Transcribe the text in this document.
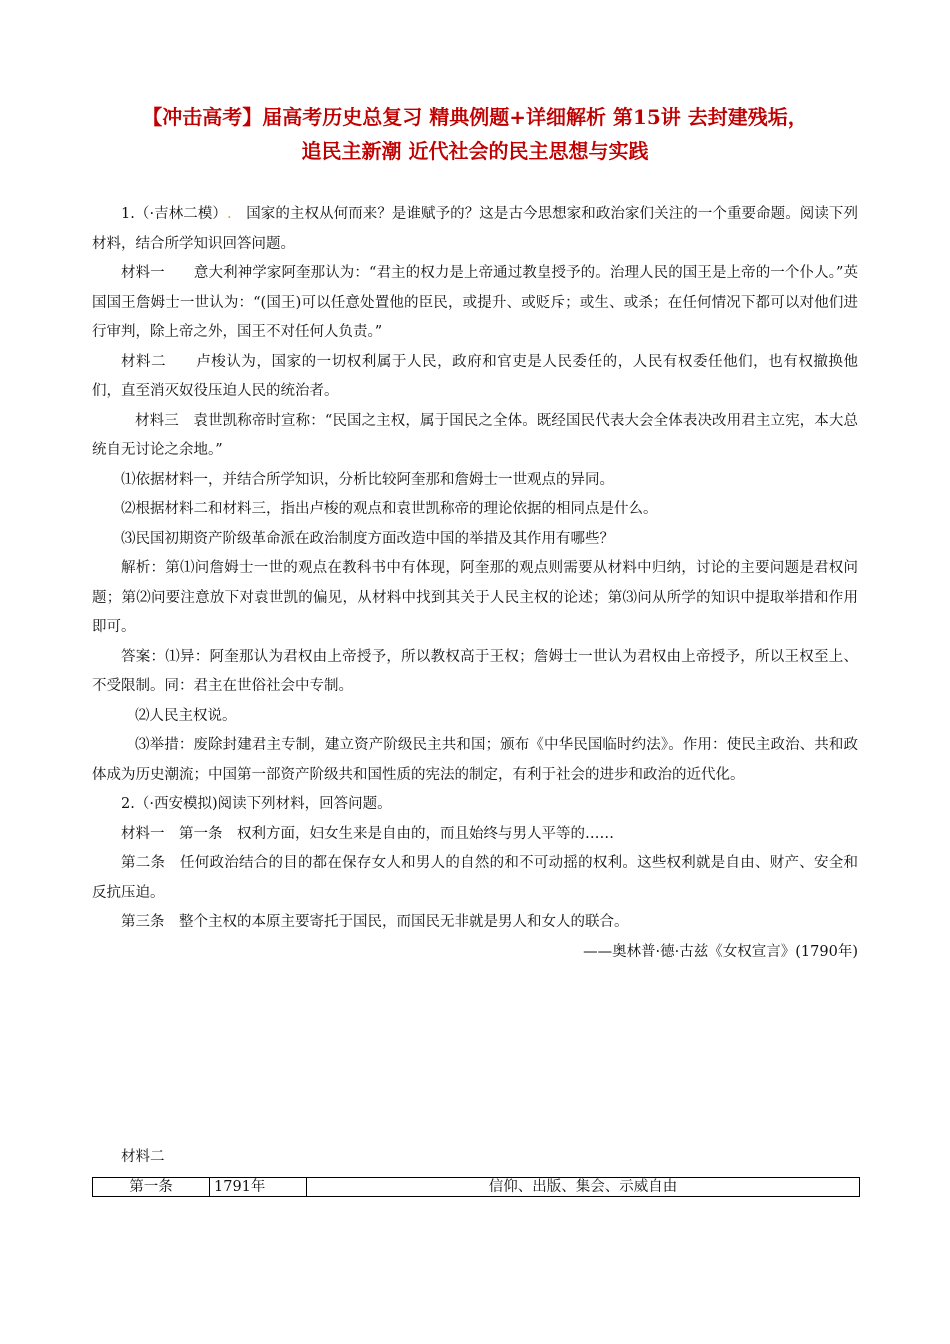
【冲击高考】届高考历史总复习 精典例题+详细解析 第15讲 去封建残垢，
追民主新潮 近代社会的民主思想与实践

1.（·吉林二模）.　国家的主权从何而来？是谁赋予的？这是古今思想家和政治家们关注的一个重要命题。阅读下列材料，结合所学知识回答问题。

材料一　　意大利神学家阿奎那认为：“君主的权力是上帝通过教皇授予的。治理人民的国王是上帝的一个仆人。”英国国王詹姆士一世认为：“(国王)可以任意处置他的臣民，或提升、或贬斥；或生、或杀；在任何情况下都可以对他们进行审判，除上帝之外，国王不对任何人负责。”

材料二　　卢梭认为，国家的一切权利属于人民，政府和官吏是人民委任的，人民有权委任他们，也有权撤换他们，直至消灭奴役压迫人民的统治者。

材料三　袁世凯称帝时宣称：“民国之主权，属于国民之全体。既经国民代表大会全体表决改用君主立宪，本大总统自无讨论之余地。”

⑴依据材料一，并结合所学知识，分析比较阿奎那和詹姆士一世观点的异同。

⑵根据材料二和材料三，指出卢梭的观点和袁世凯称帝的理论依据的相同点是什么。

⑶民国初期资产阶级革命派在政治制度方面改造中国的举措及其作用有哪些？

解析：第⑴问詹姆士一世的观点在教科书中有体现，阿奎那的观点则需要从材料中归纳，讨论的主要问题是君权问题；第⑵问要注意放下对袁世凯的偏见，从材料中找到其关于人民主权的论述；第⑶问从所学的知识中提取举措和作用即可。

答案：⑴异：阿奎那认为君权由上帝授予，所以教权高于王权；詹姆士一世认为君权由上帝授予，所以王权至上、不受限制。同：君主在世俗社会中专制。

⑵人民主权说。

⑶举措：废除封建君主专制，建立资产阶级民主共和国；颁布《中华民国临时约法》。作用：使民主政治、共和政体成为历史潮流；中国第一部资产阶级共和国性质的宪法的制定，有利于社会的进步和政治的近代化。

2.（·西安模拟)阅读下列材料，回答问题。

材料一　第一条　权利方面，妇女生来是自由的，而且始终与男人平等的……

第二条　任何政治结合的目的都在保存女人和男人的自然的和不可动摇的权利。这些权利就是自由、财产、安全和反抗压迫。

第三条　整个主权的本原主要寄托于国民，而国民无非就是男人和女人的联合。

——奥林普·德·古兹《女权宣言》(1790年)

材料二

第一条	1791年	信仰、出版、集会、示威自由
